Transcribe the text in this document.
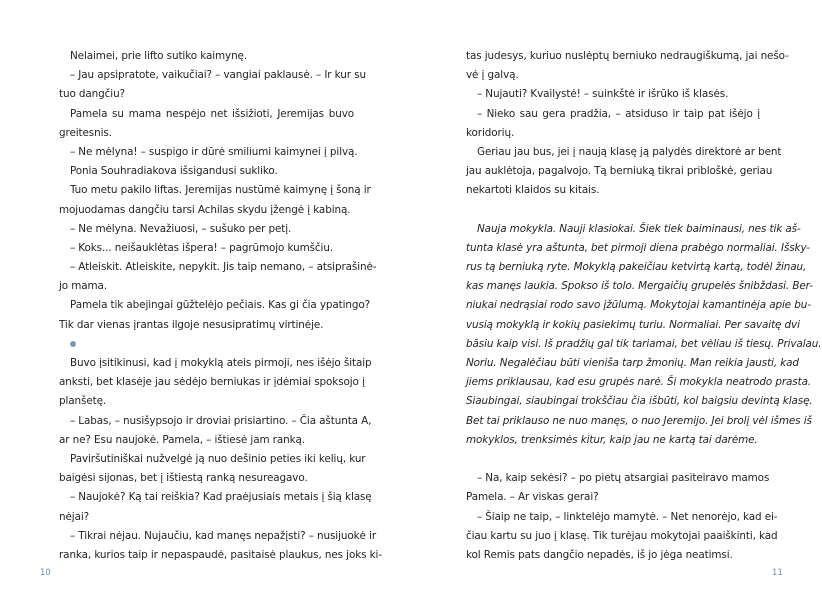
Nelaimei, prie lifto sutiko kaimynę.
– Jau apsipratote, vaikučiai? – vangiai paklausė. – Ir kur su
tuo dangčiu?
Pamela su mama nespėjo net išsižioti, Jeremijas buvo
greitesnis.
– Ne mėlyna! – suspigo ir dūrė smiliumi kaimynei į pilvą.
Ponia Souhradiakova išsigandusi sukliko.
Tuo metu pakilo liftas. Jeremijas nustūmė kaimynę į šoną ir
mojuodamas dangčiu tarsi Achilas skydu įžengė į kabiną.
– Ne mėlyna. Nevažiuosi, – sušuko per petį.
– Koks... neišauklėtas išpera! – pagrūmojo kumščiu.
– Atleiskit. Atleiskite, nepykit. Jis taip nemano, – atsiprašinė-
jo mama.
Pamela tik abejingai gūžtelėjo pečiais. Kas gi čia ypatingo?
Tik dar vienas įrantas ilgoje nesusipratimų virtinėje.
Buvo įsitikinusi, kad į mokyklą ateis pirmoji, nes išėjo šitaip
anksti, bet klasėje jau sėdėjo berniukas ir įdėmiai spoksojo į
planšetę.
– Labas, – nusišypsojo ir droviai prisiartino. – Čia aštunta A,
ar ne? Esu naujokė. Pamela, – ištiesė jam ranką.
Paviršutiniškai nužvelgė ją nuo dešinio peties iki kelių, kur
baigėsi sijonas, bet į ištiestą ranką nesureagavo.
– Naujokė? Ką tai reiškia? Kad praėjusiais metais į šią klasę
nėjai?
– Tikrai nėjau. Nujaučiu, kad manęs nepažįsti? – nusijuokė ir
ranka, kurios taip ir nepaspaudė, pasitaisė plaukus, nes joks ki-
10
tas judesys, kuriuo nuslėptų berniuko nedraugiškumą, jai nešo-
vė į galvą.
– Nujauti? Kvailystė! – suinkštė ir išrūko iš klasės.
– Nieko sau gera pradžia, – atsiduso ir taip pat išėjo į
koridorių.
Geriau jau bus, jei į naują klasę ją palydės direktorė ar bent
jau auklėtoja, pagalvojo. Tą berniuką tikrai pribloškė, geriau
nekartoti klaidos su kitais.
Nauja mokykla. Nauji klasiokai. Šiek tiek baiminausi, nes tik aš-
tunta klasė yra aštunta, bet pirmoji diena prabėgo normaliai. Išsky-
rus tą berniuką ryte. Mokyklą pakeičiau ketvirtą kartą, todėl žinau,
kas manęs laukia. Spokso iš tolo. Mergaičių grupelės šnibždasi. Ber-
niukai nedrąsiai rodo savo įžūlumą. Mokytojai kamantinėja apie bu-
vusią mokyklą ir kokių pasiekimų turiu. Normaliai. Per savaitę dvi
bāsiu kaip visi. Iš pradžių gal tik tariamai, bet vėliau iš tiesų. Privalau.
Noriu. Negalėčiau būti vieniša tarp žmonių. Man reikia jausti, kad
jiems priklausau, kad esu grupės narė. Ši mokykla neatrodo prasta.
Siaubingai, siaubingai trokščiau čia išbūti, kol baigsiu devintą klasę.
Bet tai priklauso ne nuo manęs, o nuo Jeremijo. Jei brolį vėl išmes iš
mokyklos, trenksimės kitur, kaip jau ne kartą tai darėme.
– Na, kaip sekėsi? – po pietų atsargiai pasiteiravo mamos
Pamela. – Ar viskas gerai?
– Šiaip ne taip, – linktelėjo mamytė. – Net nenorėjo, kad ei-
čiau kartu su juo į klasę. Tik turėjau mokytojai paaiškinti, kad
kol Remis pats dangčio nepadės, iš jo jėga neatimsi.
11
